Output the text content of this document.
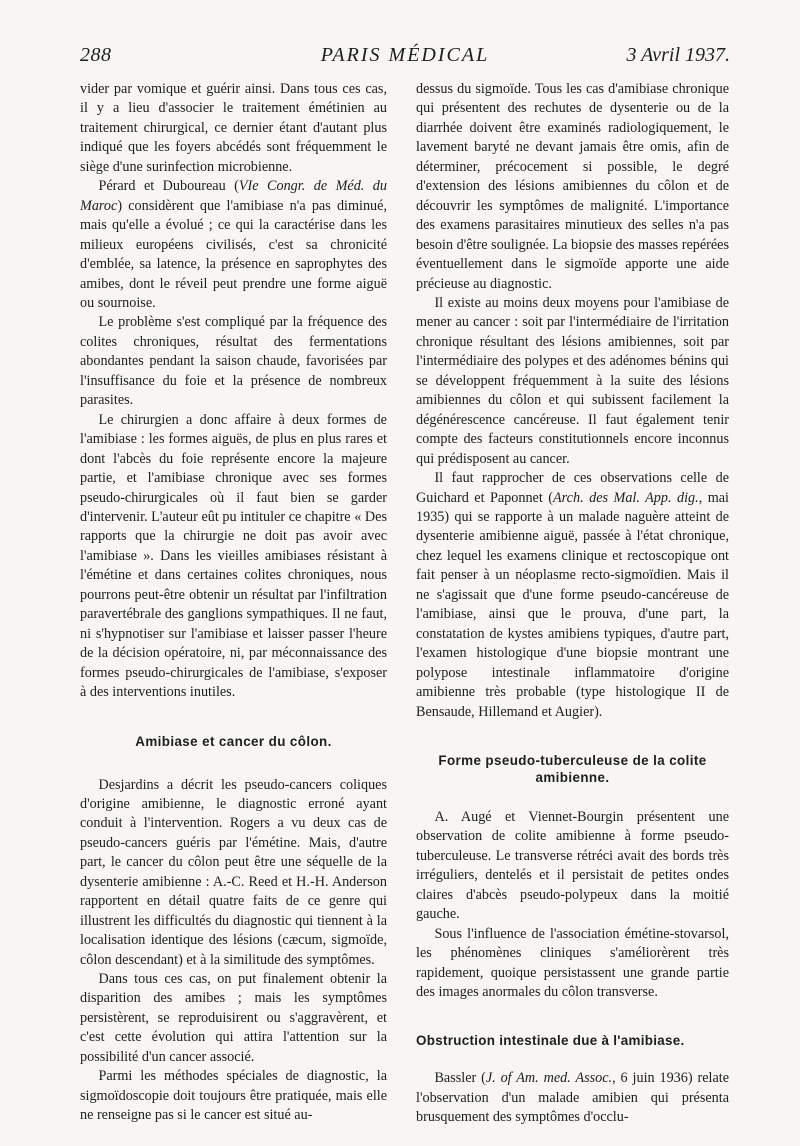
288	PARIS MÉDICAL	3 Avril 1937.

vider par vomique et guérir ainsi. Dans tous ces cas, il y a lieu d'associer le traitement émétinien au traitement chirurgical, ce dernier étant d'autant plus indiqué que les foyers abcédés sont fréquemment le siège d'une surinfection microbienne.

Pérard et Duboureau (VIe Congr. de Méd. du Maroc) considèrent que l'amibiase n'a pas diminué, mais qu'elle a évolué ; ce qui la caractérise dans les milieux européens civilisés, c'est sa chronicité d'emblée, sa latence, la présence en saprophytes des amibes, dont le réveil peut prendre une forme aiguë ou sournoise.

Le problème s'est compliqué par la fréquence des colites chroniques, résultat des fermentations abondantes pendant la saison chaude, favorisées par l'insuffisance du foie et la présence de nombreux parasites.

Le chirurgien a donc affaire à deux formes de l'amibiase : les formes aiguës, de plus en plus rares et dont l'abcès du foie représente encore la majeure partie, et l'amibiase chronique avec ses formes pseudo-chirurgicales où il faut bien se garder d'intervenir. L'auteur eût pu intituler ce chapitre « Des rapports que la chirurgie ne doit pas avoir avec l'amibiase ». Dans les vieilles amibiases résistant à l'émétine et dans certaines colites chroniques, nous pourrons peut-être obtenir un résultat par l'infiltration paravertébrale des ganglions sympathiques. Il ne faut, ni s'hypnotiser sur l'amibiase et laisser passer l'heure de la décision opératoire, ni, par méconnaissance des formes pseudo-chirurgicales de l'amibiase, s'exposer à des interventions inutiles.

Amibiase et cancer du côlon.

Desjardins a décrit les pseudo-cancers coliques d'origine amibienne, le diagnostic erroné ayant conduit à l'intervention. Rogers a vu deux cas de pseudo-cancers guéris par l'émétine. Mais, d'autre part, le cancer du côlon peut être une séquelle de la dysenterie amibienne : A.-C. Reed et H.-H. Anderson rapportent en détail quatre faits de ce genre qui illustrent les difficultés du diagnostic qui tiennent à la localisation identique des lésions (cæcum, sigmoïde, côlon descendant) et à la similitude des symptômes.

Dans tous ces cas, on put finalement obtenir la disparition des amibes ; mais les symptômes persistèrent, se reproduisirent ou s'aggravèrent, et c'est cette évolution qui attira l'attention sur la possibilité d'un cancer associé.

Parmi les méthodes spéciales de diagnostic, la sigmoïdoscopie doit toujours être pratiquée, mais elle ne renseigne pas si le cancer est situé au-

dessus du sigmoïde. Tous les cas d'amibiase chronique qui présentent des rechutes de dysenterie ou de la diarrhée doivent être examinés radiologiquement, le lavement baryté ne devant jamais être omis, afin de déterminer, précocement si possible, le degré d'extension des lésions amibiennes du côlon et de découvrir les symptômes de malignité. L'importance des examens parasitaires minutieux des selles n'a pas besoin d'être soulignée. La biopsie des masses repérées éventuellement dans le sigmoïde apporte une aide précieuse au diagnostic.

Il existe au moins deux moyens pour l'amibiase de mener au cancer : soit par l'intermédiaire de l'irritation chronique résultant des lésions amibiennes, soit par l'intermédiaire des polypes et des adénomes bénins qui se développent fréquemment à la suite des lésions amibiennes du côlon et qui subissent facilement la dégénérescence cancéreuse. Il faut également tenir compte des facteurs constitutionnels encore inconnus qui prédisposent au cancer.

Il faut rapprocher de ces observations celle de Guichard et Paponnet (Arch. des Mal. App. dig., mai 1935) qui se rapporte à un malade naguère atteint de dysenterie amibienne aiguë, passée à l'état chronique, chez lequel les examens clinique et rectoscopique ont fait penser à un néoplasme recto-sigmoïdien. Mais il ne s'agissait que d'une forme pseudo-cancéreuse de l'amibiase, ainsi que le prouva, d'une part, la constatation de kystes amibiens typiques, d'autre part, l'examen histologique d'une biopsie montrant une polypose intestinale inflammatoire d'origine amibienne très probable (type histologique II de Bensaude, Hillemand et Augier).

Forme pseudo-tuberculeuse de la colite amibienne.

A. Augé et Viennet-Bourgin présentent une observation de colite amibienne à forme pseudo-tuberculeuse. Le transverse rétréci avait des bords très irréguliers, dentelés et il persistait de petites ondes claires d'abcès pseudo-polypeux dans la moitié gauche.

Sous l'influence de l'association émétine-stovarsol, les phénomènes cliniques s'améliorèrent très rapidement, quoique persistassent une grande partie des images anormales du côlon transverse.

Obstruction intestinale due à l'amibiase.

Bassler (J. of Am. med. Assoc., 6 juin 1936) relate l'observation d'un malade amibien qui présenta brusquement des symptômes d'occlu-
